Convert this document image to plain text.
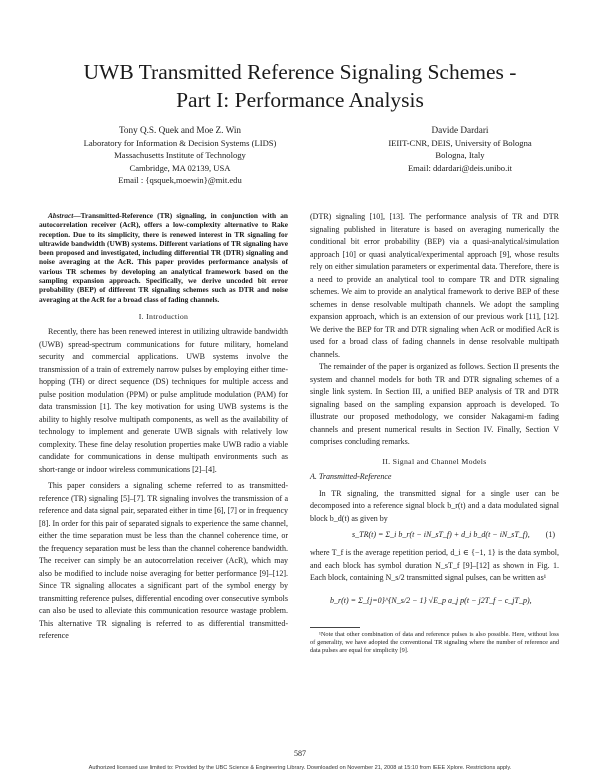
UWB Transmitted Reference Signaling Schemes -
Part I: Performance Analysis
Tony Q.S. Quek and Moe Z. Win
Laboratory for Information & Decision Systems (LIDS)
Massachusetts Institute of Technology
Cambridge, MA 02139, USA
Email : {qsquek,moewin}@mit.edu
Davide Dardari
IEIIT-CNR, DEIS, University of Bologna
Bologna, Italy
Email: ddardari@deis.unibo.it

Abstract—Transmitted-Reference (TR) signaling, in conjunction with an autocorrelation receiver (AcR), offers a low-complexity alternative to Rake reception. Due to its simplicity, there is renewed interest in TR signaling for ultrawide bandwidth (UWB) systems. Different variations of TR signaling have been proposed and investigated, including differential TR (DTR) signaling and noise averaging at the AcR. This paper provides performance analysis of various TR schemes by developing an analytical framework based on the sampling expansion approach. Specifically, we derive uncoded bit error probability (BEP) of different TR signaling schemes such as DTR and noise averaging at the AcR for a broad class of fading channels.

I. Introduction

Recently, there has been renewed interest in utilizing ultrawide bandwidth (UWB) spread-spectrum communications for future military, homeland security and commercial applications. UWB systems involve the transmission of a train of extremely narrow pulses by employing either time-hopping (TH) or direct sequence (DS) techniques for multiple access and pulse position modulation (PPM) or pulse amplitude modulation (PAM) for data transmission [1]. The key motivation for using UWB systems is the ability to highly resolve multipath components, as well as the availability of technology to implement and generate UWB signals with relatively low complexity. These fine delay resolution properties make UWB radio a viable candidate for communications in dense multipath environments such as short-range or indoor wireless communications [2]–[4].

This paper considers a signaling scheme referred to as transmitted-reference (TR) signaling [5]–[7]. TR signaling involves the transmission of a reference and data signal pair, separated either in time [6], [7] or in frequency [8]. In order for this pair of separated signals to experience the same channel, either the time separation must be less than the channel coherence time, or the frequency separation must be less than the channel coherence bandwidth. The receiver can simply be an autocorrelation receiver (AcR), which may also be modified to include noise averaging for better performance [9]–[12]. Since TR signaling allocates a significant part of the symbol energy by transmitting reference pulses, differential encoding over consecutive symbols can also be used to alleviate this communication resource wastage problem. This alternative TR signaling is referred to as differential transmitted-reference

(DTR) signaling [10], [13]. The performance analysis of TR and DTR signaling published in literature is based on averaging numerically the conditional bit error probability (BEP) via a quasi-analytical/simulation approach [10] or quasi analytical/experimental approach [9], whose results rely on either simulation parameters or experimental data. Therefore, there is a need to provide an analytical tool to compare TR and DTR signaling schemes. We aim to provide an analytical framework to derive BEP of these schemes in dense resolvable multipath channels. We adopt the sampling expansion approach, which is an extension of our previous work [11], [12]. We derive the BEP for TR and DTR signaling when AcR or modified AcR is used for a broad class of fading channels in dense resolvable multipath channels.

The remainder of the paper is organized as follows. Section II presents the system and channel models for both TR and DTR signaling schemes of a single link system. In Section III, a unified BEP analysis of TR and DTR signaling based on the sampling expansion approach is developed. To illustrate our proposed methodology, we consider Nakagami-m fading channels and present numerical results in Section IV. Finally, Section V comprises concluding remarks.

II. Signal and Channel Models
A. Transmitted-Reference

In TR signaling, the transmitted signal for a single user can be decomposed into a reference signal block b_r(t) and a data modulated signal block b_d(t) as given by

s_TR(t) = Σ_i b_r(t − iN_sT_f) + d_i b_d(t − iN_sT_f), (1)

where T_f is the average repetition period, d_i ∈ {−1, 1} is the data symbol, and each block has symbol duration N_sT_f [9]–[12] as shown in Fig. 1. Each block, containing N_s/2 transmitted signal pulses, can be written as¹

b_r(t) = Σ_{j=0}^{N_s/2 − 1} √E_p a_j p(t − j2T_f − c_jT_p),

¹Note that other combination of data and reference pulses is also possible. Here, without loss of generality, we have adopted the conventional TR signaling where the number of reference and data pulses are equal for simplicity [9].

587
Authorized licensed use limited to: Provided by the UBC Science & Engineering Library. Downloaded on November 21, 2008 at 15:10 from IEEE Xplore. Restrictions apply.
